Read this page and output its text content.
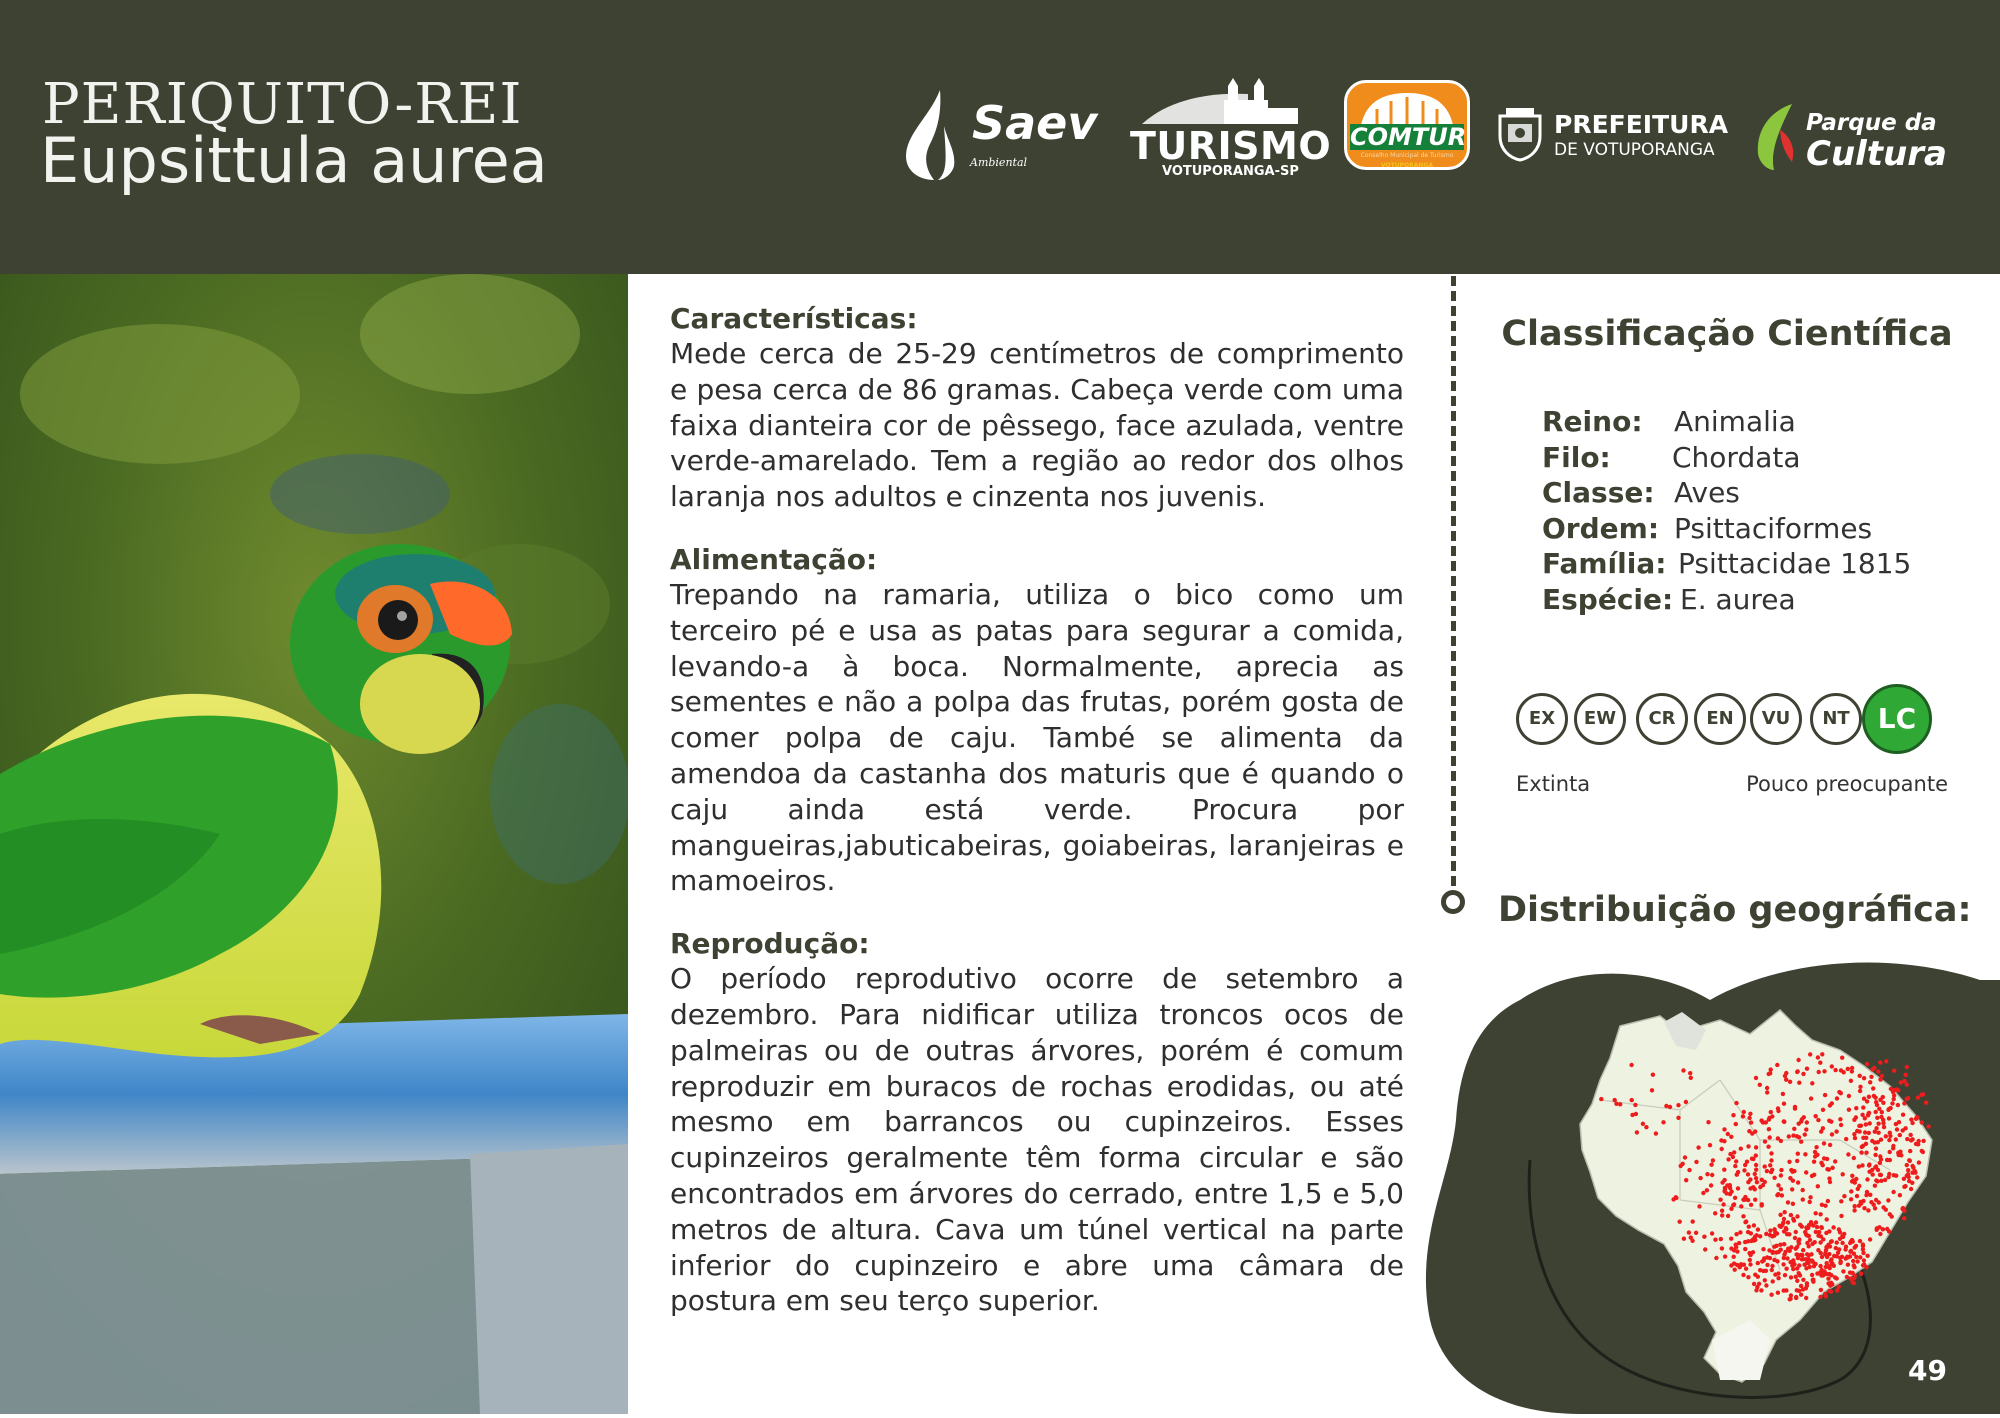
PERIQUITO-REI
Eupsittula aurea
Saev
Ambiental	TURISMO
VOTUPORANGA-SP
COMTUR
Conselho Municipal de Turismo
VOTUPORANGA
PREFEITURA
DE VOTUPORANGA
Parque da
Cultura
Características:
Mede cerca de 25-29 centímetros de comprimento e pesa cerca de 86 gramas. Cabeça verde com uma faixa dianteira cor de pêssego, face azulada, ventre verde-amarelado. Tem a região ao redor dos olhos laranja nos adultos e cinzenta nos juvenis.
Alimentação:
Trepando na ramaria, utiliza o bico como um terceiro pé e usa as patas para segurar a comida, levando-a à boca. Normalmente, aprecia as sementes e não a polpa das frutas, porém gosta de comer polpa de caju. També se alimenta da amendoa da castanha dos maturis que é quando o caju ainda está verde. Procura por mangueiras,jabuticabeiras, goiabeiras, laranjeiras e mamoeiros.
Reprodução:
O período reprodutivo ocorre de setembro a dezembro. Para nidificar utiliza troncos ocos de palmeiras ou de outras árvores, porém é comum reproduzir em buracos de rochas erodidas, ou até mesmo em barrancos ou cupinzeiros. Esses cupinzeiros geralmente têm forma circular e são encontrados em árvores do cerrado, entre 1,5 e 5,0 metros de altura. Cava um túnel vertical na parte inferior do cupinzeiro e abre uma câmara de postura em seu terço superior.
Classificação Científica
Reino: Animalia
Filo: Chordata
Classe: Aves
Ordem: Psittaciformes
Família: Psittacidae 1815
Espécie: E. aurea
EX	EW	CR	EN	VU	NT	LC
Extinta	Pouco preocupante
Distribuição geográfica:
49
